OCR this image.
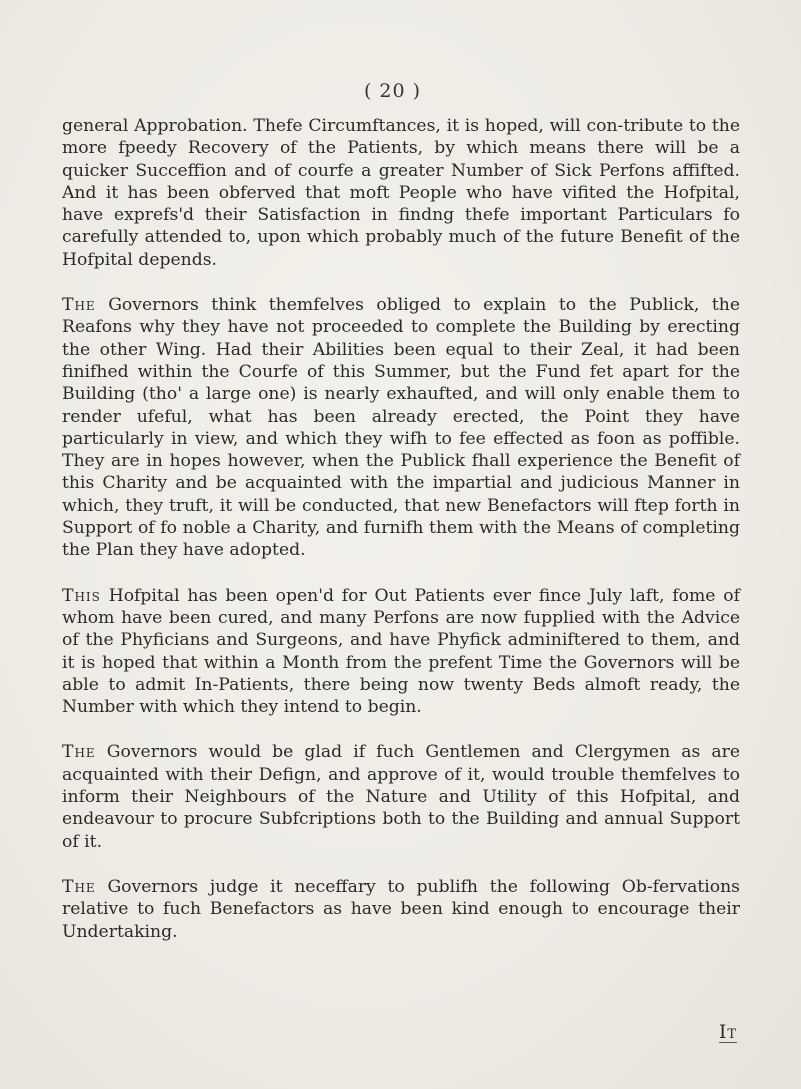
( 20 )

general Approbation. Thefe Circumftances, it is hoped, will con-tribute to the more fpeedy Recovery of the Patients, by which means there will be a quicker Succeffion and of courfe a greater Number of Sick Perfons affifted. And it has been obferved that moft People who have vifited the Hofpital, have exprefs'd their Satisfaction in findng thefe important Particulars fo carefully attended to, upon which probably much of the future Benefit of the Hofpital depends.

The Governors think themfelves obliged to explain to the Publick, the Reafons why they have not proceeded to complete the Building by erecting the other Wing. Had their Abilities been equal to their Zeal, it had been finifhed within the Courfe of this Summer, but the Fund fet apart for the Building (tho' a large one) is nearly exhaufted, and will only enable them to render ufeful, what has been already erected, the Point they have particularly in view, and which they wifh to fee effected as foon as poffible. They are in hopes however, when the Publick fhall experience the Benefit of this Charity and be acquainted with the impartial and judicious Manner in which, they truft, it will be conducted, that new Benefactors will ftep forth in Support of fo noble a Charity, and furnifh them with the Means of completing the Plan they have adopted.

This Hofpital has been open'd for Out Patients ever fince July laft, fome of whom have been cured, and many Perfons are now fupplied with the Advice of the Phyficians and Surgeons, and have Phyfick adminiftered to them, and it is hoped that within a Month from the prefent Time the Governors will be able to admit In-Patients, there being now twenty Beds almoft ready, the Number with which they intend to begin.

The Governors would be glad if fuch Gentlemen and Clergymen as are acquainted with their Defign, and approve of it, would trouble themfelves to inform their Neighbours of the Nature and Utility of this Hofpital, and endeavour to procure Subfcriptions both to the Building and annual Support of it.

The Governors judge it neceffary to publifh the following Ob-fervations relative to fuch Benefactors as have been kind enough to encourage their Undertaking.

It
